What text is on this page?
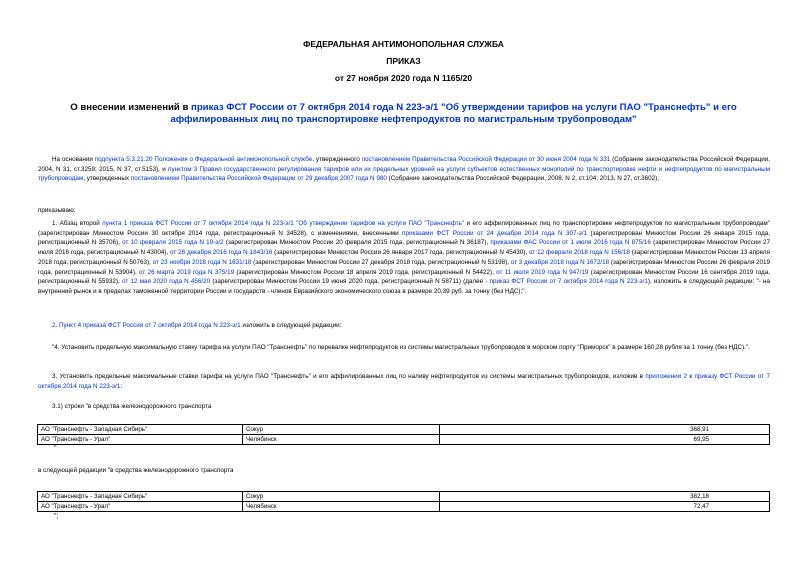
ФЕДЕРАЛЬНАЯ АНТИМОНОПОЛЬНАЯ СЛУЖБА
ПРИКАЗ
от 27 ноября 2020 года N 1165/20
О внесении изменений в приказ ФСТ России от 7 октября 2014 года N 223-э/1 "Об утверждении тарифов на услуги ПАО "Транснефть" и его аффилированных лиц по транспортировке нефтепродуктов по магистральным трубопроводам"
На основании подпункта 5.3.21.20 Положения о Федеральной антимонопольной службе, утвержденного постановлением Правительства Российской Федерации от 30 июня 2004 года N 331 (Собрание законодательства Российской Федерации, 2004, N 31, ст.3259; 2015, N 37, ст.5153), и пунктом 3 Правил государственного регулирования тарифов или их предельных уровней на услуги субъектов естественных монополий по транспортировке нефти и нефтепродуктов по магистральным трубопроводам, утвержденных постановлением Правительства Российской Федерации от 29 декабря 2007 года N 980 (Собрание законодательства Российской Федерации, 2008, N 2, ст.104; 2013, N 27, ст.3602),
приказываю:
1. Абзац второй пункта 1 приказа ФСТ России от 7 октября 2014 года N 223-э/1 "Об утверждении тарифов на услуги ПАО "Транснефть" и его аффилированных лиц по транспортировке нефтепродуктов по магистральным трубопроводам" (зарегистрирован Минюстом России 30 октября 2014 года, регистрационный N 34528), с изменениями, внесенными приказами ФСТ России от 24 декабря 2014 года N 307-э/1 (зарегистрирован Минюстом России 26 января 2015 года, регистрационный N 35706), от 10 февраля 2015 года N 19-э/2 (зарегистрирован Минюстом России 20 февраля 2015 года, регистрационный N 36187), приказами ФАС России от 1 июля 2016 года N 875/16 (зарегистрирован Минюстом России 27 июля 2016 года, регистрационный N 43004), от 26 декабря 2016 года N 1843/16 (зарегистрирован Минюстом России 26 января 2017 года, регистрационный N 45430), от 12 февраля 2018 года N 156/18 (зарегистрирован Минюстом России 13 апреля 2018 года, регистрационный N 50763), от 23 ноября 2018 года N 1631/18 (зарегистрирован Минюстом России 27 декабря 2018 года, регистрационный N 53198), от 3 декабря 2018 года N 1672/18 (зарегистрирован Минюстом России 26 февраля 2019 года, регистрационный N 53904), от 26 марта 2019 года N 375/19 (зарегистрирован Минюстом России 18 апреля 2019 года, регистрационный N 54422), от 11 июля 2019 года N 947/19 (зарегистрирован Минюстом России 16 сентября 2019 года, регистрационный N 55932), от 12 мая 2020 года N 456/20 (зарегистрирован Минюстом России 19 июня 2020 года, регистрационный N 58711) (далее - приказ ФСТ России от 7 октября 2014 года N 223-э/1), изложить в следующей редакции: "- на внутренний рынок и в пределах таможенной территории России и государств - членов Евразийского экономического союза в размере 20,39 руб. за тонну (без НДС);".
2. Пункт 4 приказа ФСТ России от 7 октября 2014 года N 223-э/1 изложить в следующей редакции:
"4. Установить предельную максимальную ставку тарифа на услуги ПАО "Транснефть" по перевалке нефтепродуктов из системы магистральных трубопроводов в морском порту "Приморск" в размере 160,28 рубля за 1 тонну (без НДС).".
3. Установить предельные максимальные ставки тарифа на услуги ПАО "Транснефть" и его аффилированных лиц по наливу нефтепродуктов из системы магистральных трубопроводов, изложив в приложении 2 к приказу ФСТ России от 7 октября 2014 года N 223-э/1:
3.1) строки "в средства железнодорожного транспорта
АО "Транснефть - Западная Сибирь"	Сокур	368,91
АО "Транснефть - Урал"	Челябинск	69,95
"
в следующей редакции "в средства железнодорожного транспорта
АО "Транснефть - Западная Сибирь"	Сокур	382,18
АО "Транснефть - Урал"	Челябинск	72,47
";
